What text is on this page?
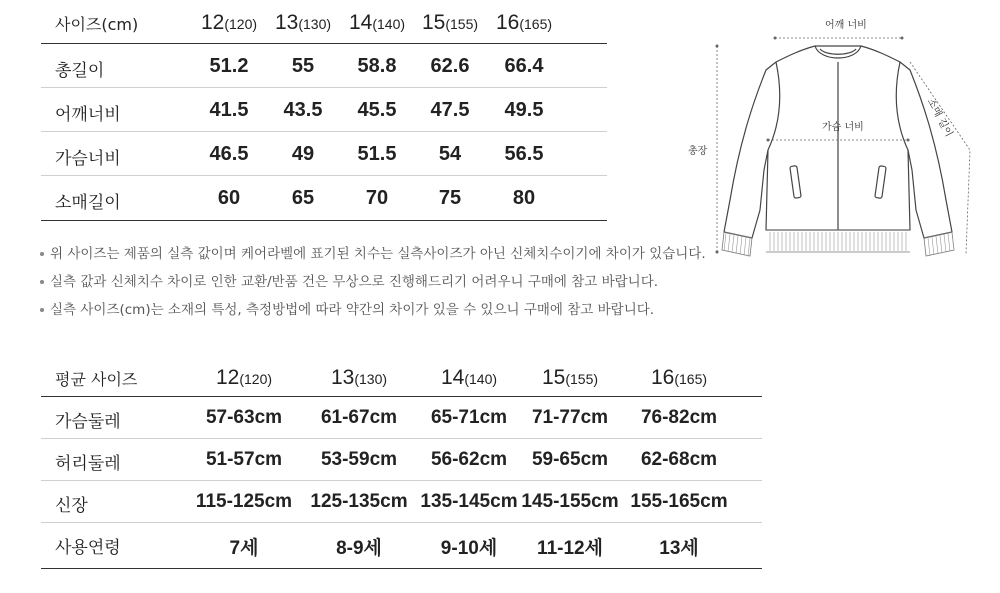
사이즈(cm)	12(120) 13(130) 14(140) 15(155) 16(165)
총길이	51.2 55 58.8 62.6 66.4
어깨너비	41.5 43.5 45.5 47.5 49.5
가슴너비	46.5 49 51.5 54 56.5
소매길이	60	65	70	75	80
위 사이즈는 제품의 실측 값이며 케어라벨에 표기된 치수는 실측사이즈가 아닌 신체치수이기에 차이가 있습니다.
실측 값과 신체치수 차이로 인한 교환/반품 건은 무상으로 진행해드리기 어려우니 구매에 참고 바랍니다.
실측 사이즈(cm)는 소재의 특성, 측정방법에 따라 약간의 차이가 있을 수 있으니 구매에 참고 바랍니다.
평균 사이즈	12(120)	13(130)	14(140) 15(155)	16(165)
가슴둘레	57-63cm 61-67cm 65-71cm 71-77cm 76-82cm
허리둘레	51-57cm 53-59cm 56-62cm 59-65cm 62-68cm
신장	115-125cm 125-135cm 135-145cm 145-155cm 155-165cm
사용연령	7세	8-9세	9-10세 11-12세	13세
어깨 너비
가슴 너비
총장
소매 길이
